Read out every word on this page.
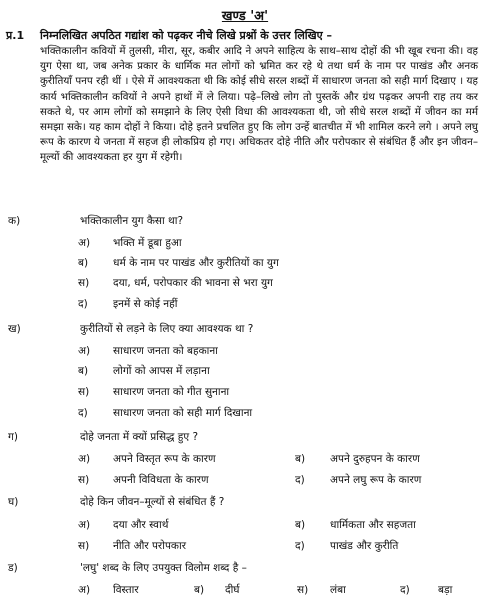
खण्ड 'अ'
प्र.1 निम्नलिखित अपठित गद्यांश को पढ़कर नीचे लिखे प्रश्नों के उत्तर लिखिए –
भक्तिकालीन कवियों में तुलसी, मीरा, सूर, कबीर आदि ने अपने साहित्य के साथ–साथ दोहों की भी खूब रचना की। वह युग ऐसा था, जब अनेक प्रकार के धार्मिक मत लोगों को भ्रमित कर रहे थे तथा धर्म के नाम पर पाखंड और अनक कुरीतियाँ पनप रही थीं । ऐसे में आवश्यकता थी कि कोई सीधे सरल शब्दों में साधारण जनता को सही मार्ग दिखाए । यह कार्य भक्तिकालीन कवियों ने अपने हाथों में ले लिया। पढ़े–लिखे लोग तो पुस्तकें और ग्रंथ पढ़कर अपनी राह तय कर सकते थे, पर आम लोगों को समझाने के लिए ऐसी विधा की आवश्यकता थी, जो सीधे सरल शब्दों में जीवन का मर्म समझा सके। यह काम दोहों ने किया। दोहे इतने प्रचलित हुए कि लोग उन्हें बातचीत में भी शामिल करने लगे । अपने लघु रूप के कारण ये जनता में सहज ही लोकप्रिय हो गए। अधिकतर दोहे नीति और परोपकार से संबंधित हैं और इन जीवन–मूल्यों की आवश्यकता हर युग में रहेगी।
क)	भक्तिकालीन युग कैसा था?
अ) भक्ति में डूबा हुआ
ब) धर्म के नाम पर पाखंड और कुरीतियों का युग
स) दया, धर्म, परोपकार की भावना से भरा युग
द) इनमें से कोई नहीं
ख)	कुरीतियों से लड़ने के लिए क्या आवश्यक था ?
अ) साधारण जनता को बहकाना
ब) लोगों को आपस में लड़ाना
स) साधारण जनता को गीत सुनाना
द) साधारण जनता को सही मार्ग दिखाना
ग)	दोहे जनता में क्यों प्रसिद्ध हुए ?
अ) अपने विस्तृत रूप के कारण	ब) अपने दुरुहपन के कारण
स) अपनी विविधता के कारण	द) अपने लघु रूप के कारण
घ)	दोहे किन जीवन–मूल्यों से संबंधित हैं ?
अ) दया और स्वार्थ	ब) धार्मिकता और सहजता
स) नीति और परोपकार	द) पाखंड और कुरीति
ड)	'लघु' शब्द के लिए उपयुक्त विलोम शब्द है –
अ) विस्तार	ब) दीर्घ	स) लंबा	द)	बड़ा
